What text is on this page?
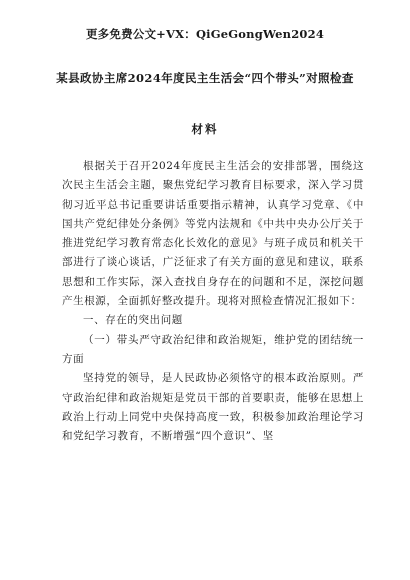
更多免费公文+VX：QiGeGongWen2024
某县政协主席2024年度民主生活会“四个带头”对照检查
材料

根据关于召开2024年度民主生活会的安排部署，围绕这次民主生活会主题，聚焦党纪学习教育目标要求，深入学习贯彻习近平总书记重要讲话重要指示精神，认真学习党章、《中国共产党纪律处分条例》等党内法规和《中共中央办公厅关于推进党纪学习教育常态化长效化的意见》与班子成员和机关干部进行了谈心谈话，广泛征求了有关方面的意见和建议，联系思想和工作实际，深入查找自身存在的问题和不足，深挖问题产生根源，全面抓好整改提升。现将对照检查情况汇报如下：

一、存在的突出问题

（一）带头严守政治纪律和政治规矩，维护党的团结统一方面

坚持党的领导，是人民政协必须恪守的根本政治原则。严守政治纪律和政治规矩是党员干部的首要职责，能够在思想上政治上行动上同党中央保持高度一致，积极参加政治理论学习和党纪学习教育，不断增强“四个意识”、坚
